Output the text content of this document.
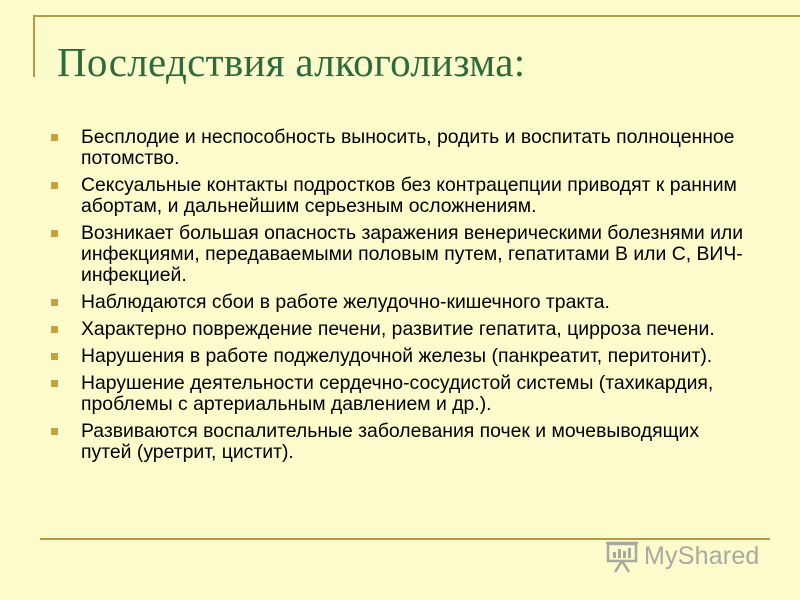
Последствия алкоголизма:
Бесплодие и неспособность выносить, родить и воспитать полноценное потомство.
Сексуальные контакты подростков без контрацепции приводят к ранним абортам, и дальнейшим серьезным осложнениям.
Возникает большая опасность заражения венерическими болезнями или инфекциями, передаваемыми половым путем, гепатитами В или С, ВИЧ-инфекцией.
Наблюдаются сбои в работе желудочно-кишечного тракта.
Характерно повреждение печени, развитие гепатита, цирроза печени.
Нарушения в работе поджелудочной железы (панкреатит, перитонит).
Нарушение деятельности сердечно-сосудистой системы (тахикардия, проблемы с артериальным давлением и др.).
Развиваются воспалительные заболевания почек и мочевыводящих путей (уретрит, цистит).
MyShared
